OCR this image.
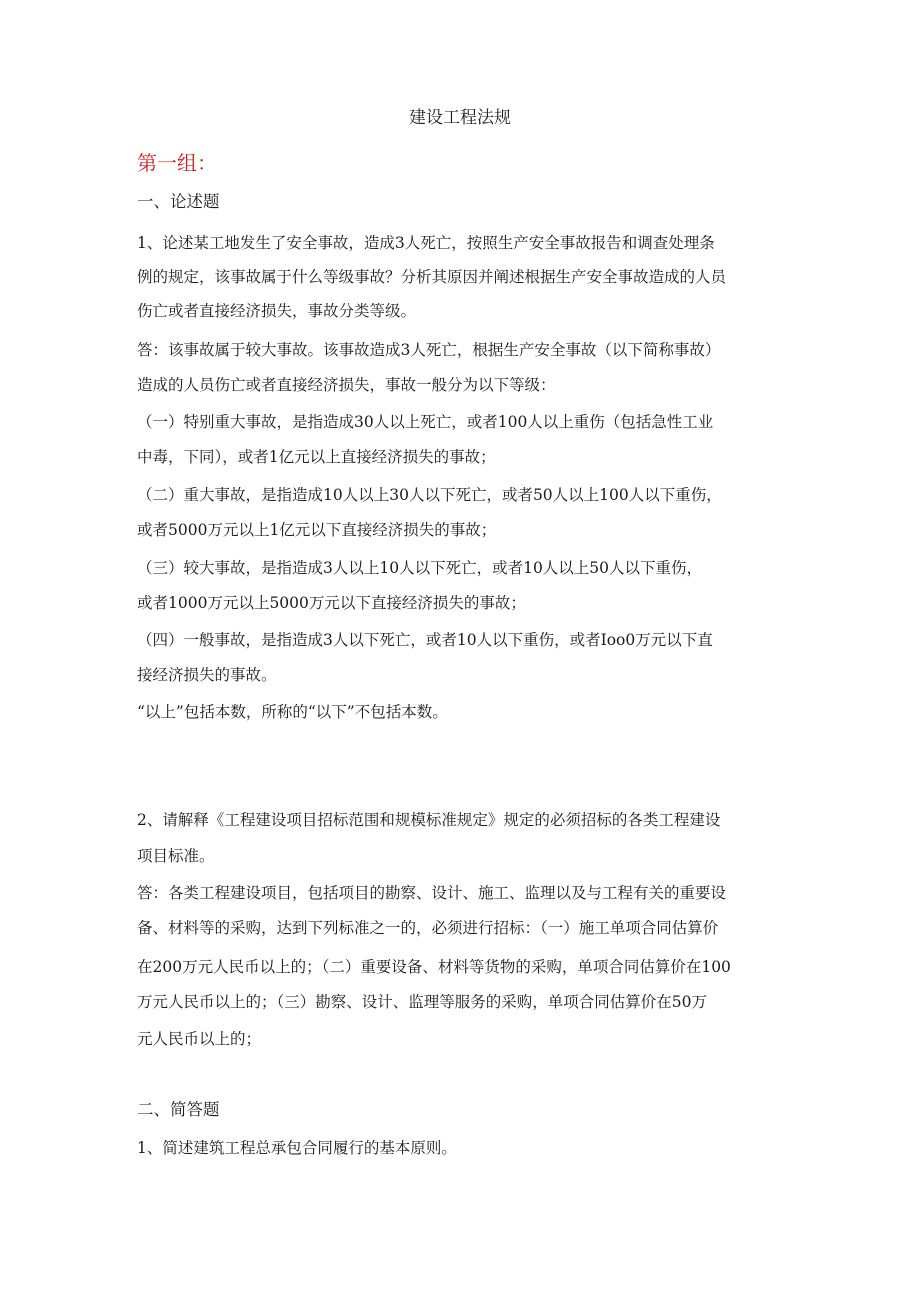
建设工程法规
第一组：
一、论述题
1、论述某工地发生了安全事故，造成3人死亡，按照生产安全事故报告和调查处理条
例的规定，该事故属于什么等级事故？分析其原因并阐述根据生产安全事故造成的人员
伤亡或者直接经济损失，事故分类等级。
答：该事故属于较大事故。该事故造成3人死亡，根据生产安全事故（以下简称事故）
造成的人员伤亡或者直接经济损失，事故一般分为以下等级：
（一）特别重大事故，是指造成30人以上死亡，或者100人以上重伤（包括急性工业
中毒，下同），或者1亿元以上直接经济损失的事故；
（二）重大事故，是指造成10人以上30人以下死亡，或者50人以上100人以下重伤，
或者5000万元以上1亿元以下直接经济损失的事故；
（三）较大事故，是指造成3人以上10人以下死亡，或者10人以上50人以下重伤，
或者1000万元以上5000万元以下直接经济损失的事故；
（四）一般事故，是指造成3人以下死亡，或者10人以下重伤，或者Ioo0万元以下直
接经济损失的事故。
“以上”包括本数，所称的“以下”不包括本数。
2、请解释《工程建设项目招标范围和规模标准规定》规定的必须招标的各类工程建设
项目标准。
答：各类工程建设项目，包括项目的勘察、设计、施工、监理以及与工程有关的重要设
备、材料等的采购，达到下列标准之一的，必须进行招标：（一）施工单项合同估算价
在200万元人民币以上的；（二）重要设备、材料等货物的采购，单项合同估算价在100
万元人民币以上的；（三）勘察、设计、监理等服务的采购，单项合同估算价在50万
元人民币以上的；
二、简答题
1、简述建筑工程总承包合同履行的基本原则。
